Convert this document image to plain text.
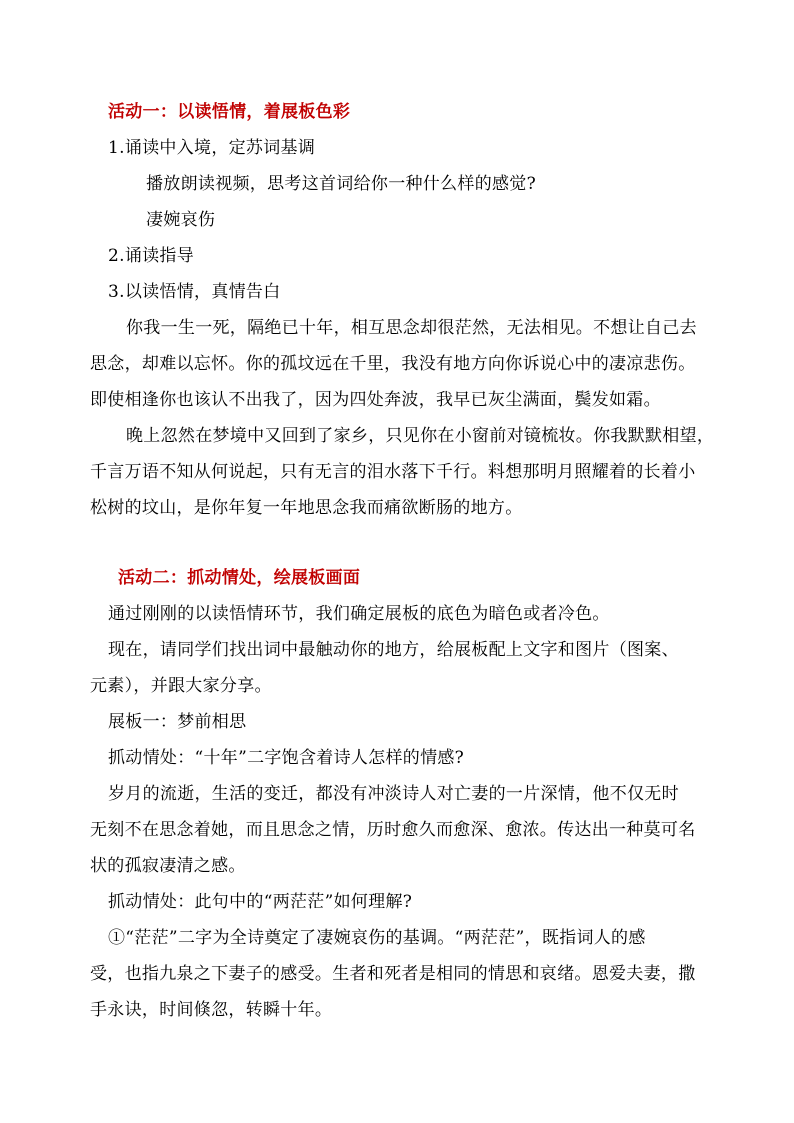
活动一：以读悟情，着展板色彩
1.诵读中入境，定苏词基调
播放朗读视频，思考这首词给你一种什么样的感觉?
凄婉哀伤
2.诵读指导
3.以读悟情，真情告白
你我一生一死，隔绝已十年，相互思念却很茫然，无法相见。不想让自己去
思念，却难以忘怀。你的孤坟远在千里，我没有地方向你诉说心中的凄凉悲伤。
即使相逢你也该认不出我了，因为四处奔波，我早已灰尘满面，鬓发如霜。
晚上忽然在梦境中又回到了家乡，只见你在小窗前对镜梳妆。你我默默相望，
千言万语不知从何说起，只有无言的泪水落下千行。料想那明月照耀着的长着小
松树的坟山，是你年复一年地思念我而痛欲断肠的地方。
活动二：抓动情处，绘展板画面
通过刚刚的以读悟情环节，我们确定展板的底色为暗色或者冷色。
现在，请同学们找出词中最触动你的地方，给展板配上文字和图片（图案、
元素），并跟大家分享。
展板一：梦前相思
抓动情处：“十年”二字饱含着诗人怎样的情感?
岁月的流逝，生活的变迁，都没有冲淡诗人对亡妻的一片深情，他不仅无时
无刻不在思念着她，而且思念之情，历时愈久而愈深、愈浓。传达出一种莫可名
状的孤寂凄清之感。
抓动情处：此句中的“两茫茫”如何理解?
①“茫茫”二字为全诗奠定了凄婉哀伤的基调。“两茫茫”，既指词人的感
受，也指九泉之下妻子的感受。生者和死者是相同的情思和哀绪。恩爱夫妻，撒
手永诀，时间倏忽，转瞬十年。
